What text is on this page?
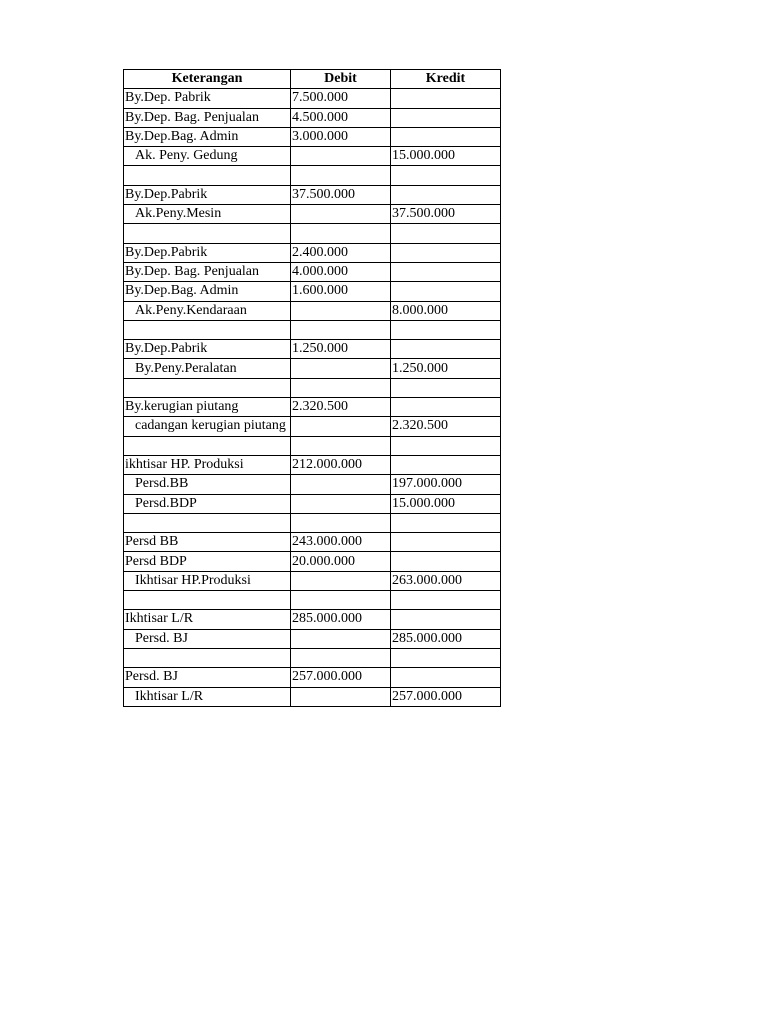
Keterangan	Debit	Kredit
By.Dep. Pabrik	7.500.000	
By.Dep. Bag. Penjualan	4.500.000	
By.Dep.Bag. Admin	3.000.000	
Ak. Peny. Gedung		15.000.000

By.Dep.Pabrik	37.500.000	
Ak.Peny.Mesin		37.500.000

By.Dep.Pabrik	2.400.000	
By.Dep. Bag. Penjualan	4.000.000	
By.Dep.Bag. Admin	1.600.000	
Ak.Peny.Kendaraan		8.000.000

By.Dep.Pabrik	1.250.000	
By.Peny.Peralatan		1.250.000

By.kerugian piutang	2.320.500	
cadangan kerugian piutang		2.320.500

ikhtisar HP. Produksi	212.000.000	
Persd.BB		197.000.000
Persd.BDP		15.000.000

Persd BB	243.000.000	
Persd BDP	20.000.000	
Ikhtisar HP.Produksi		263.000.000

Ikhtisar L/R	285.000.000	
Persd. BJ		285.000.000

Persd. BJ	257.000.000	
Ikhtisar L/R		257.000.000
